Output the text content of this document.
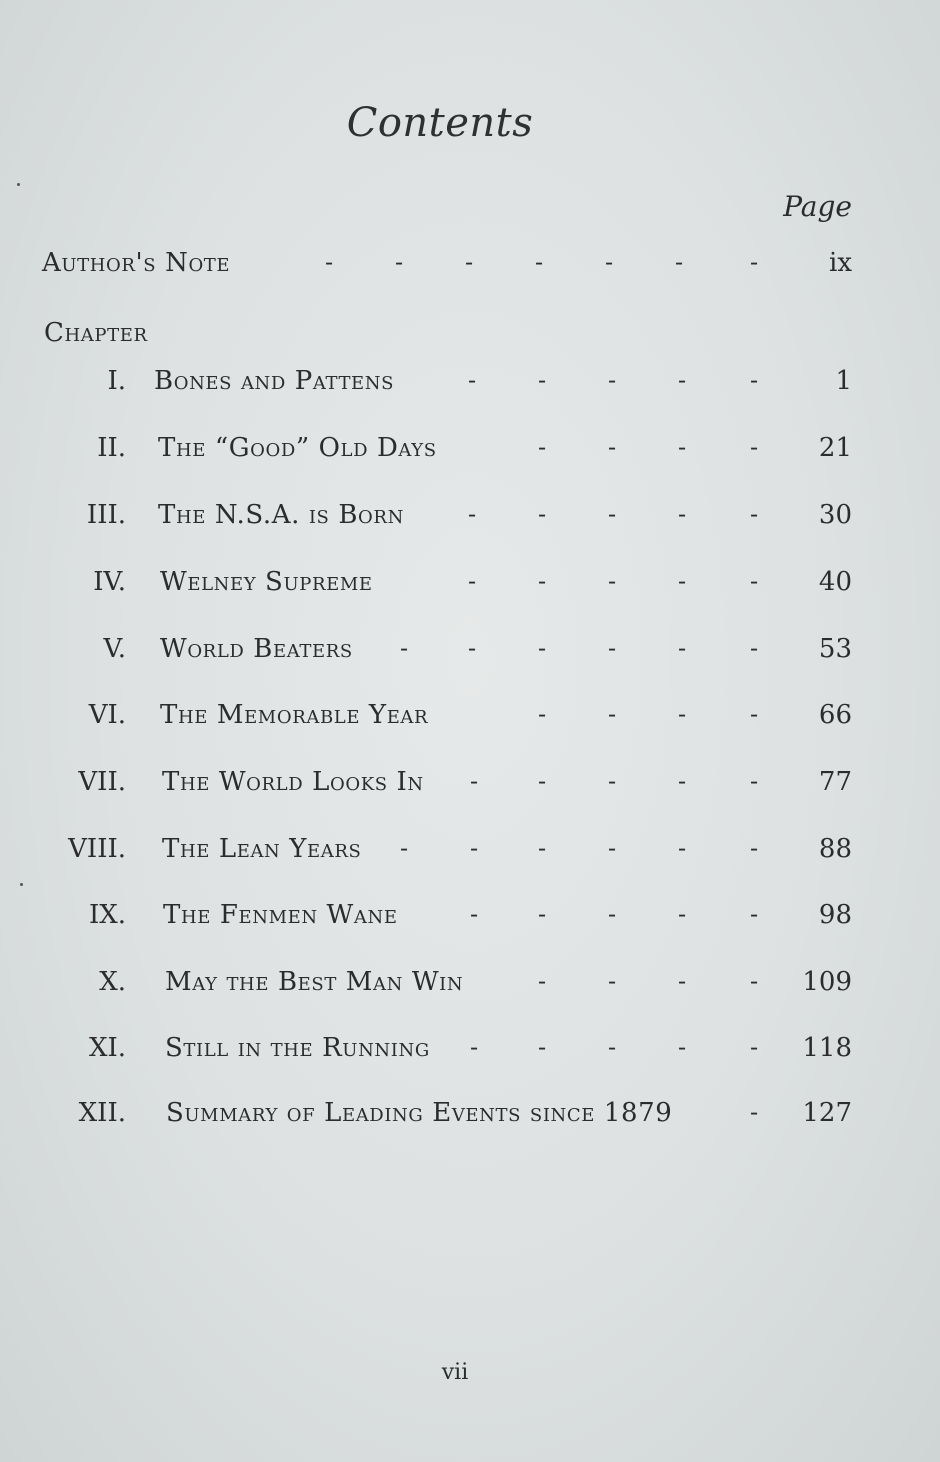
Contents
Page
Author's Note	-	-	-	-	-	-	-	ix
Chapter
I. Bones and Pattens	-	-	-	-	-	1
II. The “Good” Old Days	-	-	-	- 21
III. The N.S.A. is Born	-	-	-	-	- 30
IV. Welney Supreme	-	-	-	-	- 40
V. World Beaters - -	-	-	-	- 53
VI. The Memorable Year	-	-	-	- 66
VII. The World Looks In - -	-	-	- 77
VIII. The Lean Years -	- -	-	-	- 88
IX. The Fenmen Wane	- -	-	-	- 98
X. May the Best Man Win	-	-	-	- 109
XI. Still in the Running - -	-	-	- 118
XII. Summary of Leading Events since 1879	- 127
vii
